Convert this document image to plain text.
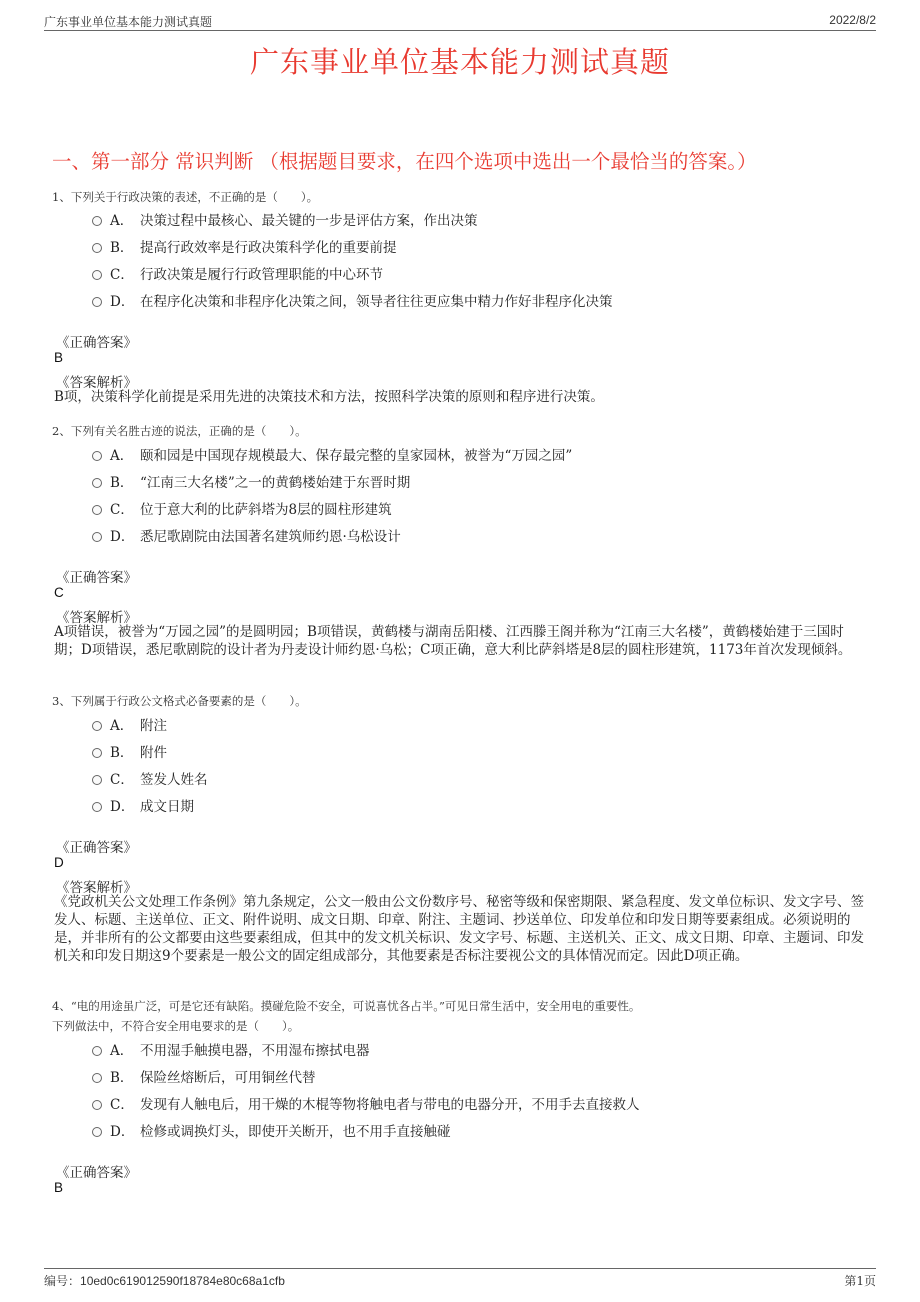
广东事业单位基本能力测试真题	2022/8/2
广东事业单位基本能力测试真题
一、第一部分 常识判断 （根据题目要求，在四个选项中选出一个最恰当的答案。）
1、下列关于行政决策的表述，不正确的是（　　）。
A． 决策过程中最核心、最关键的一步是评估方案，作出决策
B． 提高行政效率是行政决策科学化的重要前提
C． 行政决策是履行行政管理职能的中心环节
D． 在程序化决策和非程序化决策之间，领导者往往更应集中精力作好非程序化决策
《正确答案》
B
《答案解析》
B项，决策科学化前提是采用先进的决策技术和方法，按照科学决策的原则和程序进行决策。
2、下列有关名胜古迹的说法，正确的是（　　）。
A． 颐和园是中国现存规模最大、保存最完整的皇家园林，被誉为“万园之园”
B． “江南三大名楼”之一的黄鹤楼始建于东晋时期
C． 位于意大利的比萨斜塔为8层的圆柱形建筑
D． 悉尼歌剧院由法国著名建筑师约恩·乌松设计
《正确答案》
C
《答案解析》
A项错误，被誉为“万园之园”的是圆明园；B项错误，黄鹤楼与湖南岳阳楼、江西滕王阁并称为“江南三大名楼”，黄鹤楼始建于三国时期；D项错误，悉尼歌剧院的设计者为丹麦设计师约恩·乌松；C项正确，意大利比萨斜塔是8层的圆柱形建筑，1173年首次发现倾斜。
3、下列属于行政公文格式必备要素的是（　　）。
A． 附注
B． 附件
C． 签发人姓名
D． 成文日期
《正确答案》
D
《答案解析》
《党政机关公文处理工作条例》第九条规定，公文一般由公文份数序号、秘密等级和保密期限、紧急程度、发文单位标识、发文字号、签发人、标题、主送单位、正文、附件说明、成文日期、印章、附注、主题词、抄送单位、印发单位和印发日期等要素组成。必须说明的是，并非所有的公文都要由这些要素组成，但其中的发文机关标识、发文字号、标题、主送机关、正文、成文日期、印章、主题词、印发机关和印发日期这9个要素是一般公文的固定组成部分，其他要素是否标注要视公文的具体情况而定。因此D项正确。
4、“电的用途虽广泛，可是它还有缺陷。摸碰危险不安全，可说喜忧各占半。”可见日常生活中，安全用电的重要性。
下列做法中，不符合安全用电要求的是（　　）。
A． 不用湿手触摸电器，不用湿布擦拭电器
B． 保险丝熔断后，可用铜丝代替
C． 发现有人触电后，用干燥的木棍等物将触电者与带电的电器分开，不用手去直接救人
D． 检修或调换灯头，即使开关断开，也不用手直接触碰
《正确答案》
B
编号：10ed0c619012590f18784e80c68a1cfb	第1页
